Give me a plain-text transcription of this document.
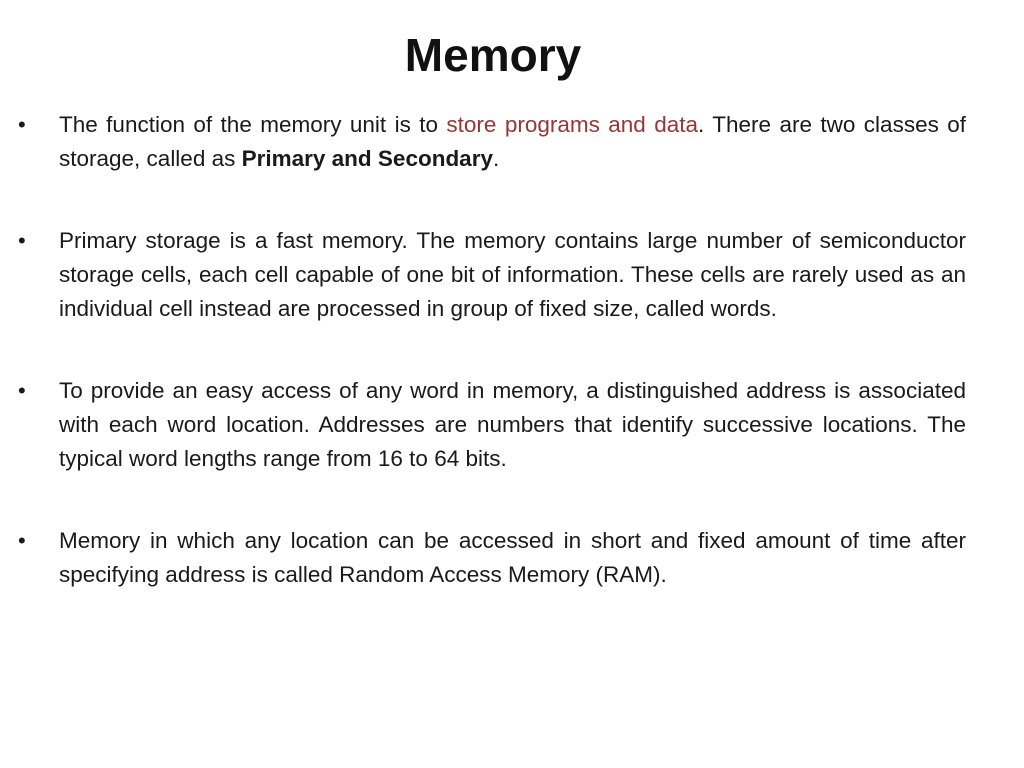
Memory
•	The function of the memory unit is to store programs and data. There are two classes of storage, called as Primary and Secondary.
•	Primary storage is a fast memory. The memory contains large number of semiconductor storage cells, each cell capable of one bit of information. These cells are rarely used as an individual cell instead are processed in group of fixed size, called words.
•	To provide an easy access of any word in memory, a distinguished address is associated with each word location. Addresses are numbers that identify successive locations. The typical word lengths range from 16 to 64 bits.
•	Memory in which any location can be accessed in short and fixed amount of time after specifying address is called Random Access Memory (RAM).
